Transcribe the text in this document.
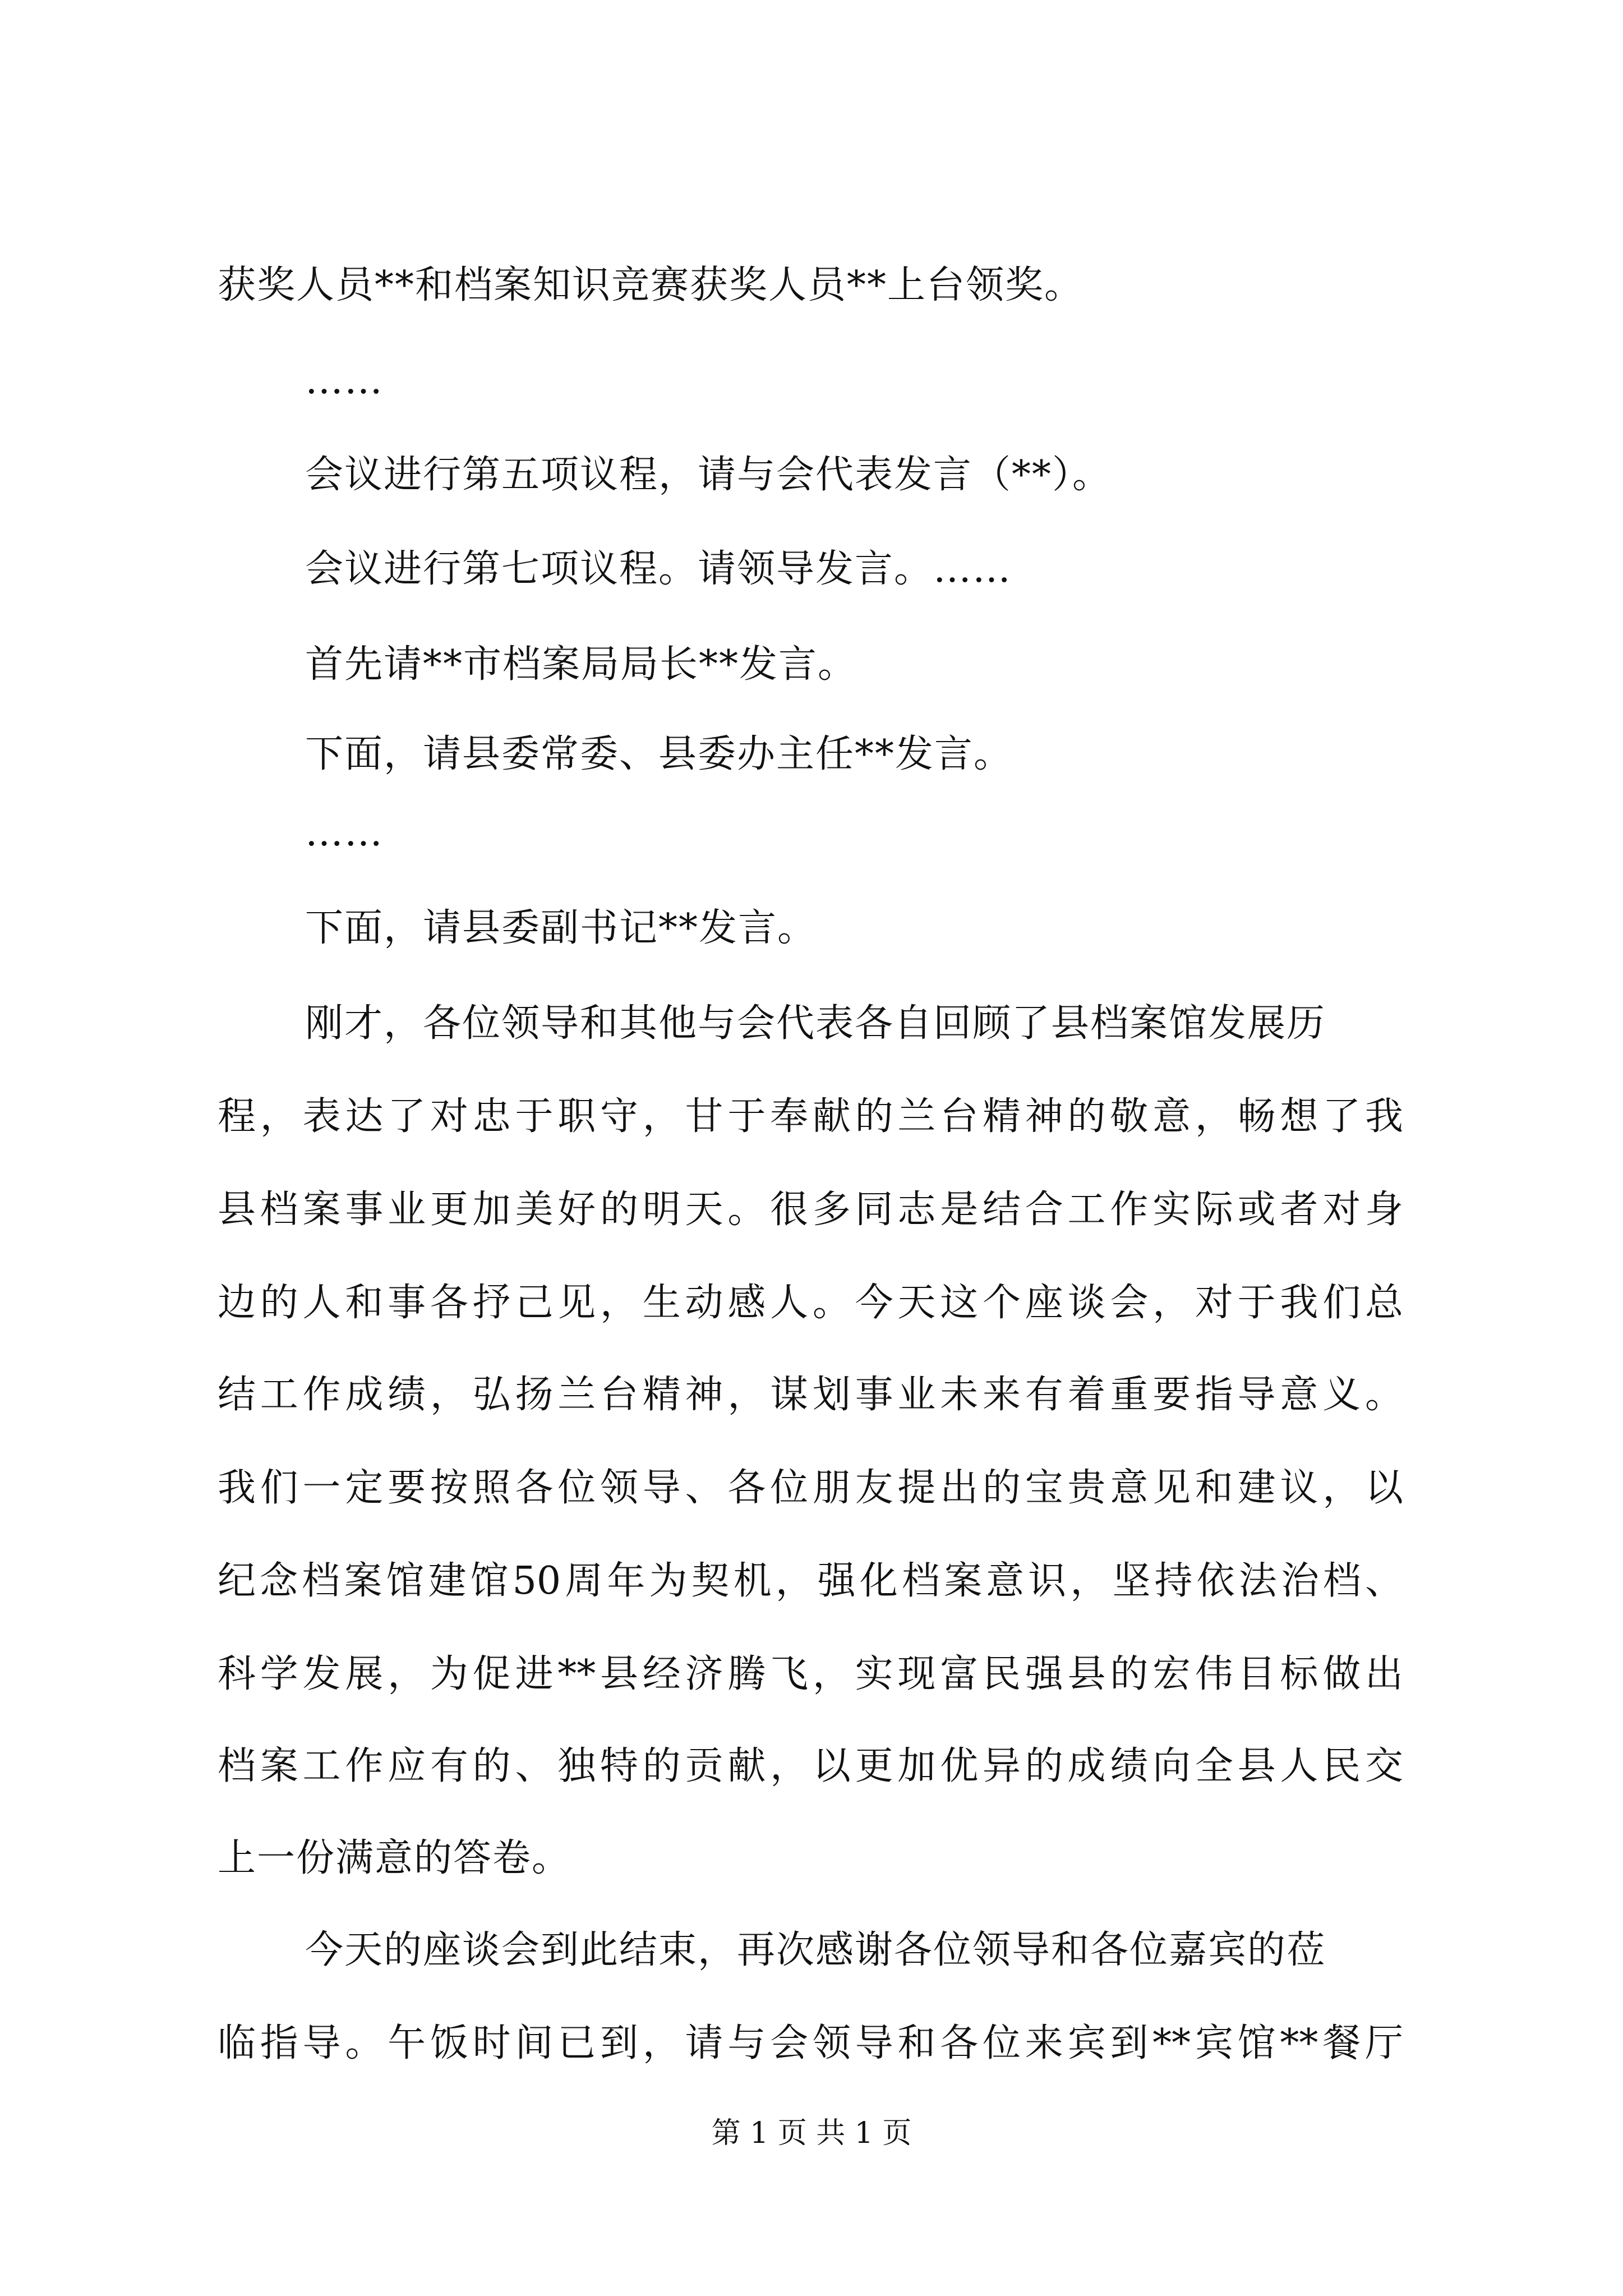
获奖人员**和档案知识竞赛获奖人员**上台领奖。
……
会议进行第五项议程，请与会代表发言（**）。
会议进行第七项议程。请领导发言。……
首先请**市档案局局长**发言。
下面，请县委常委、县委办主任**发言。
……
下面，请县委副书记**发言。
刚才，各位领导和其他与会代表各自回顾了县档案馆发展历
程，表达了对忠于职守，甘于奉献的兰台精神的敬意，畅想了我
县档案事业更加美好的明天。很多同志是结合工作实际或者对身
边的人和事各抒己见，生动感人。今天这个座谈会，对于我们总
结工作成绩，弘扬兰台精神，谋划事业未来有着重要指导意义。
我们一定要按照各位领导、各位朋友提出的宝贵意见和建议，以
纪念档案馆建馆50周年为契机，强化档案意识，坚持依法治档、
科学发展，为促进**县经济腾飞，实现富民强县的宏伟目标做出
档案工作应有的、独特的贡献，以更加优异的成绩向全县人民交
上一份满意的答卷。
今天的座谈会到此结束，再次感谢各位领导和各位嘉宾的莅
临指导。午饭时间已到，请与会领导和各位来宾到**宾馆**餐厅
第 1 页 共 1 页
